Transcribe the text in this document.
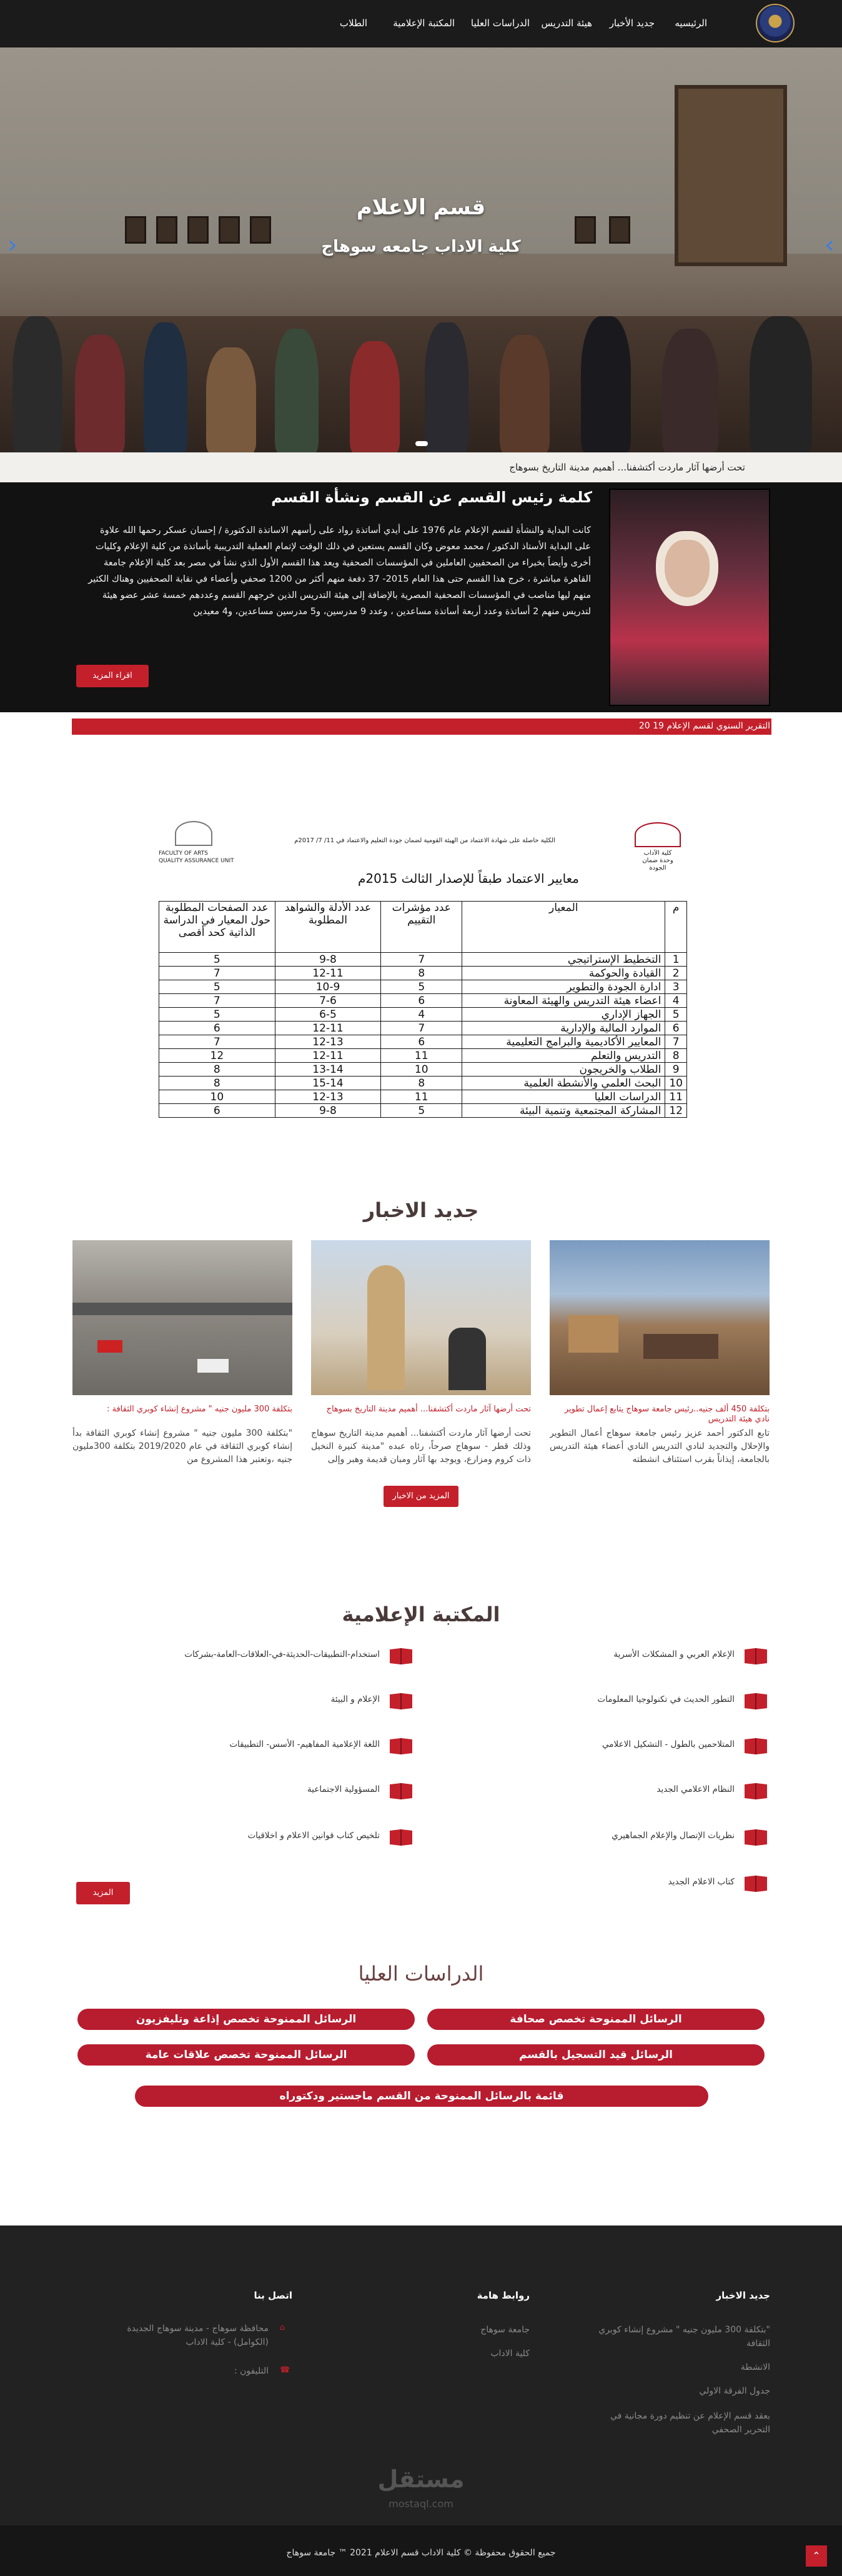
الرئيسيه
جديد الأخبار
هيئة التدريس
الدراسات العليا
المكتبة الإعلامية
الطلاب
قسم الاعلام
كلية الاداب جامعه سوهاج
‹	›
تحت أرضها آثار ماردت أكتشفنا... أهميم مدينة التاريخ بسوهاج
كلمة رئيس القسم عن القسم ونشأة القسم
كانت البداية والنشأة لقسم الإعلام عام 1976 على أيدي أساتذة رواد على رأسهم الاساتذة الدكتورة / إحسان عسكر رحمها الله علاوة على البداية الأستاذ الدكتور / محمد معوض وكان القسم يستعين في ذلك الوقت لإتمام العملية التدريبية بأساتذة من كلية الإعلام وكليات أخرى وأيضاً بخبراء من الصحفيين العاملين في المؤسسات الصحفية ويعد هذا القسم الأول الذي نشأ في مصر بعد كلية الإعلام جامعة القاهرة مباشرة ، خرج هذا القسم حتى هذا العام 2015- 37 دفعة منهم أكثر من 1200 صحفي وأعضاء في نقابة الصحفيين وهناك الكثير منهم ليها مناصب في المؤسسات الصحفية المصرية بالإضافة إلى هيئة التدريس الذين خرجهم القسم وعددهم خمسة عشر عضو هيئة لتدريس منهم 2 أساتذة وعدد أربعة أساتذة مساعدين ، وعدد 9 مدرسين، و5 مدرسين مساعدين، و4 معيدين
اقراء المزيد
التقرير السنوي لقسم الإعلام 19 20
كلية الآداب
وحدة ضمان الجودة
الكلية حاصلة على شهادة الاعتماد من الهيئة القومية لضمان جودة التعليم والاعتماد في 11/ 7/ 2017م
FACULTY OF ARTS
QUALITY ASSURANCE UNIT
معايير الاعتماد طبقاً للإصدار الثالث 2015م
م	المعيار	عدد مؤشرات التقييم	عدد الأدلة والشواهد المطلوبة	عدد الصفحات المطلوبة حول المعيار في الدراسة الذاتية كحد أقصى
1	التخطيط الإستراتيجي	7	9-8	5
2	القيادة والحوكمة	8	12-11	7
3	ادارة الجودة والتطوير	5	10-9	5
4	اعضاء هيئة التدريس والهيئة المعاونة	6	7-6	7
5	الجهاز الإداري	4	6-5	5
6	الموارد المالية والإدارية	7	12-11	6
7	المعايير الأكاديمية والبرامج التعليمية	6	12-13	7
8	التدريس والتعلم	11	12-11	12
9	الطلاب والخريجون	10	13-14	8
10	البحث العلمي والأنشطة العلمية	8	15-14	8
11	الدراسات العليا	11	12-13	10
12	المشاركة المجتمعية وتنمية البيئة	5	9-8	6
جديد الاخبار
بتكلفة 450 ألف جنيه..رئيس جامعة سوهاج يتابع إعمال تطوير نادي هيئة التدريس
تابع الدكتور أحمد عزيز رئيس جامعة سوهاج أعمال التطوير والإحلال والتجديد لنادي التدريس النادي أعضاء هيئة التدريس بالجامعة، إيذاناً بقرب استئناف انشطته
تحت أرضها آثار ماردت أكتشفنا... أهميم مدينة التاريخ بسوهاج
تحت أرضها آثار ماردت أكتشفنا... أهميم مدينة التاريخ سوهاج وذلك قطر - سوهاج صرحاً، رئاه عبده "مدينة كنيرة النخيل ذات كروم ومزارع، ويوجد بها آثار ومبان قديمة وهبر وإلى
بتكلفة 300 مليون جنيه " مشروع إنشاء كوبري الثقافة :
"بتكلفة 300 مليون جنيه " مشروع إنشاء كوبري الثقافة بدأ إنشاء كوبري الثقافة في عام 2019/2020 بتكلفة 300مليون جنيه ،وتعتبر هذا المشروع من
المزيد من الاخبار
المكتبة الإعلامية
الإعلام العربي و المشكلات الأسرية
التطور الحديث في تكنولوجيا المعلومات
المتلاحمين بالطول - التشكيل الاعلامي
النظام الاعلامي الجديد
نظريات الإتصال والإعلام الجماهيري
كتاب الاعلام الجديد
استخدام-التطبيقات-الحديثة-في-العلاقات-العامة-بشركات
الإعلام و البيئة
اللغة الإعلامية المفاهيم- الأسس- التطبيقات
المسؤولية الاجتماعية
تلخيص كتاب قوانين الاعلام و اخلاقيات
المزيد
الدراسات العليا
الرسائل الممنوحة تخصص صحافة
الرسائل الممنوحة تخصص إذاعة وتليفزيون
الرسائل قيد التسجيل بالقسم
الرسائل الممنوحة تخصص علاقات عامة
قائمة بالرسائل الممنوحة من القسم ماجستير ودكتوراه
جديد الاخبار
"بتكلفة 300 مليون جنيه " مشروع إنشاء كوبري الثقافة
الانشطة
جدول الفرقة الاولي
بعقد قسم الإعلام عن تنظيم دورة مجانية في التحرير الصحفي
روابط هامة
جامعة سوهاج
كلية الاداب
اتصل بنا
⌂
محافظة سوهاج - مدينة سوهاج الجديدة (الكوامل) - كلية الاداب
☎
التليفون :
مستقل
mostaql.com
جميع الحقوق محفوظة © كلية الاداب قسم الاعلام 2021 ™ جامعة سوهاج	⌃
